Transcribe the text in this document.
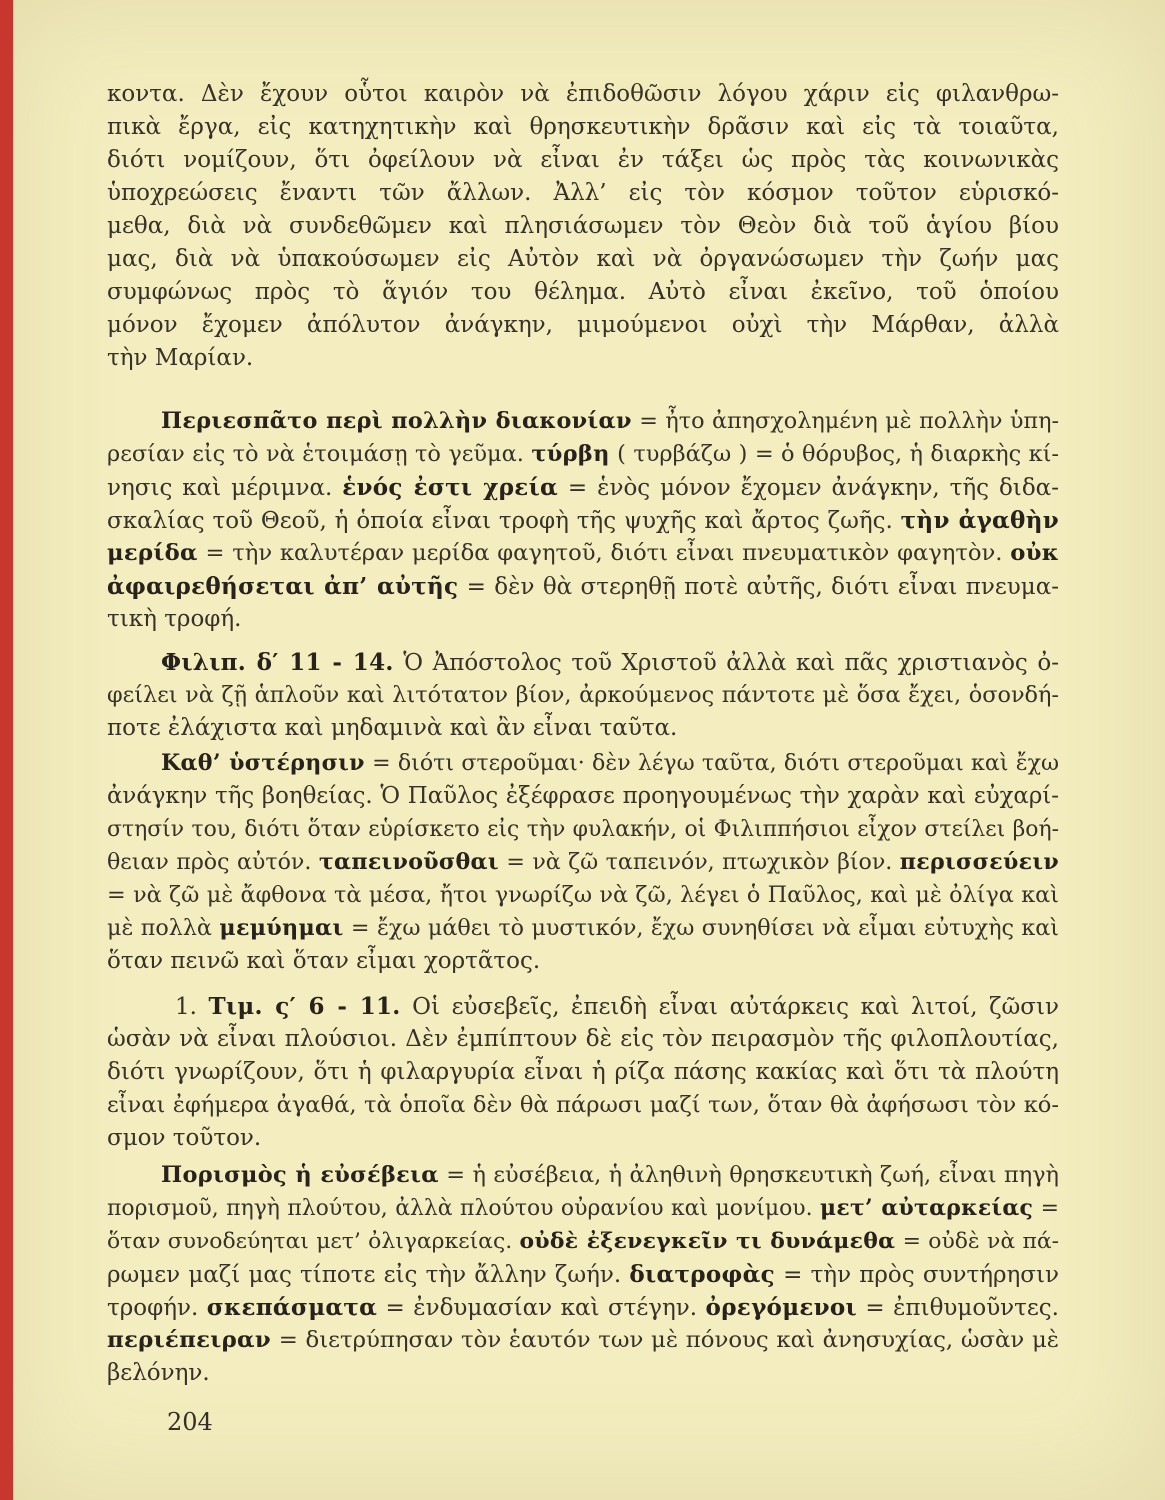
κοντα. Δὲν ἔχουν οὗτοι καιρὸν νὰ ἐπιδοθῶσιν λόγου χάριν εἰς φιλανθρω-
πικὰ ἔργα, εἰς κατηχητικὴν καὶ θρησκευτικὴν δρᾶσιν καὶ εἰς τὰ τοιαῦτα,
διότι νομίζουν, ὅτι ὀφείλουν νὰ εἶναι ἐν τάξει ὡς πρὸς τὰς κοινωνικὰς
ὑποχρεώσεις ἔναντι τῶν ἄλλων. Ἀλλ’ εἰς τὸν κόσμον τοῦτον εὑρισκό-
μεθα, διὰ νὰ συνδεθῶμεν καὶ πλησιάσωμεν τὸν Θεὸν διὰ τοῦ ἁγίου βίου
μας, διὰ νὰ ὑπακούσωμεν εἰς Αὐτὸν καὶ νὰ ὀργανώσωμεν τὴν ζωήν μας
συμφώνως πρὸς τὸ ἅγιόν του θέλημα. Αὐτὸ εἶναι ἐκεῖνο, τοῦ ὁποίου
μόνον ἔχομεν ἀπόλυτον ἀνάγκην, μιμούμενοι οὐχὶ τὴν Μάρθαν, ἀλλὰ
τὴν Μαρίαν.
Περιεσπᾶτο περὶ πολλὴν διακονίαν = ἦτο ἀπησχολημένη μὲ πολλὴν ὑπη-
ρεσίαν εἰς τὸ νὰ ἑτοιμάσῃ τὸ γεῦμα. τύρβη ( τυρβάζω ) = ὁ θόρυβος, ἡ διαρκὴς κί-
νησις καὶ μέριμνα. ἑνός ἐστι χρεία = ἑνὸς μόνον ἔχομεν ἀνάγκην, τῆς διδα-
σκαλίας τοῦ Θεοῦ, ἡ ὁποία εἶναι τροφὴ τῆς ψυχῆς καὶ ἄρτος ζωῆς. τὴν ἀγαθὴν
μερίδα = τὴν καλυτέραν μερίδα φαγητοῦ, διότι εἶναι πνευματικὸν φαγητὸν. οὐκ
ἀφαιρεθήσεται ἀπ’ αὐτῆς = δὲν θὰ στερηθῇ ποτὲ αὐτῆς, διότι εἶναι πνευμα-
τικὴ τροφή.
Φιλιπ. δ′ 11 - 14. Ὁ Ἀπόστολος τοῦ Χριστοῦ ἀλλὰ καὶ πᾶς χριστιανὸς ὀ-
φείλει νὰ ζῇ ἁπλοῦν καὶ λιτότατον βίον, ἀρκούμενος πάντοτε μὲ ὅσα ἔχει, ὁσονδή-
ποτε ἐλάχιστα καὶ μηδαμινὰ καὶ ἂν εἶναι ταῦτα.
Καθ’ ὑστέρησιν = διότι στεροῦμαι· δὲν λέγω ταῦτα, διότι στεροῦμαι καὶ ἔχω
ἀνάγκην τῆς βοηθείας. Ὁ Παῦλος ἐξέφρασε προηγουμένως τὴν χαρὰν καὶ εὐχαρί-
στησίν του, διότι ὅταν εὑρίσκετο εἰς τὴν φυλακήν, οἱ Φιλιππήσιοι εἶχον στείλει βοή-
θειαν πρὸς αὐτόν. ταπεινοῦσθαι = νὰ ζῶ ταπεινόν, πτωχικὸν βίον. περισσεύειν
= νὰ ζῶ μὲ ἄφθονα τὰ μέσα, ἤτοι γνωρίζω νὰ ζῶ, λέγει ὁ Παῦλος, καὶ μὲ ὀλίγα καὶ
μὲ πολλὰ μεμύημαι = ἔχω μάθει τὸ μυστικόν, ἔχω συνηθίσει νὰ εἶμαι εὐτυχὴς καὶ
ὅταν πεινῶ καὶ ὅταν εἶμαι χορτᾶτος.
1. Τιμ. ς′ 6 - 11. Οἱ εὐσεβεῖς, ἐπειδὴ εἶναι αὐτάρκεις καὶ λιτοί, ζῶσιν
ὡσὰν νὰ εἶναι πλούσιοι. Δὲν ἐμπίπτουν δὲ εἰς τὸν πειρασμὸν τῆς φιλοπλουτίας,
διότι γνωρίζουν, ὅτι ἡ φιλαργυρία εἶναι ἡ ρίζα πάσης κακίας καὶ ὅτι τὰ πλούτη
εἶναι ἐφήμερα ἀγαθά, τὰ ὁποῖα δὲν θὰ πάρωσι μαζί των, ὅταν θὰ ἀφήσωσι τὸν κό-
σμον τοῦτον.
Πορισμὸς ἡ εὐσέβεια = ἡ εὐσέβεια, ἡ ἀληθινὴ θρησκευτικὴ ζωή, εἶναι πηγὴ
πορισμοῦ, πηγὴ πλούτου, ἀλλὰ πλούτου οὐρανίου καὶ μονίμου. μετ’ αὐταρκείας =
ὅταν συνοδεύηται μετ’ ὀλιγαρκείας. οὐδὲ ἐξενεγκεῖν τι δυνάμεθα = οὐδὲ νὰ πά-
ρωμεν μαζί μας τίποτε εἰς τὴν ἄλλην ζωήν. διατροφὰς = τὴν πρὸς συντήρησιν
τροφήν. σκεπάσματα = ἐνδυμασίαν καὶ στέγην. ὀρεγόμενοι = ἐπιθυμοῦντες.
περιέπειραν = διετρύπησαν τὸν ἑαυτόν των μὲ πόνους καὶ ἀνησυχίας, ὡσὰν μὲ
βελόνην.
204
